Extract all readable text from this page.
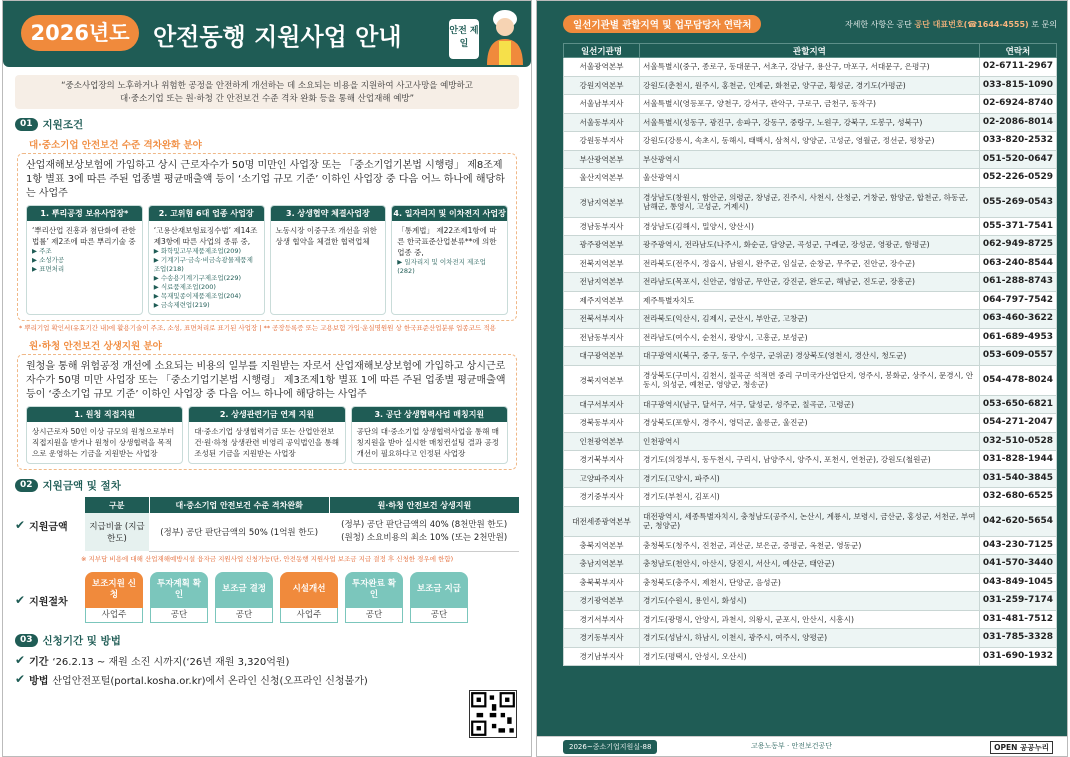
2026년도 안전동행 지원사업 안내	안전 제일
“중소사업장의 노후하거나 위험한 공정을 안전하게 개선하는 데 소요되는 비용을 지원하여 사고사망을 예방하고
대·중소기업 또는 원·하청 간 안전보건 수준 격차 완화 등을 통해 산업재해 예방”
01 지원조건
대·중소기업 안전보건 수준 격차완화 분야
산업재해보상보험에 가입하고 상시 근로자수가 50명 미만인 사업장 또는 「중소기업기본법 시행령」 제8조제1항 별표 3에 따른 주된 업종별 평균매출액 등이 ‘소기업 규모 기준’ 이하인 사업장 중 다음 어느 하나에 해당하는 사업주
1. 뿌리공정 보유사업장*
‘뿌리산업 진흥과 첨단화에 관한 법률’ 제2조에 따른 뿌리기술 중
▶ 주조
▶ 소성가공
▶ 표면처리
2. 고위험 6대 업종 사업장
‘고용산재보험료징수법’ 제14조제3항에 따른 사업의 종류 중,
▶ 화학및고무제품제조업(209)
▶ 기계기구·금속·비금속광물제품제조업(218)
▶ 수송용기계기구제조업(229)
▶ 식료품제조업(200)
▶ 목재및종이제품제조업(204)
▶ 금속제련업(219)
3. 상생협약 체결사업장
노동시장 이중구조 개선을 위한 상생 협약을 체결한 협력업체
4. 일자리지 및 이차전지 사업장
「통계법」 제22조제1항에 따른 한국표준산업분류**에 의한 업종 중,
▶ 일자리지 및 이차전지 제조업(282)
* 뿌리기업 확인서(유효기간 내)에 활용기술이 주조, 소성, 표면처리로 표기된 사업장 | ** 공장등록증 또는 고용보험 가입·운실명원원 상 한국표준산업분류 업종코드 적용
원·하청 안전보건 상생지원 분야
원청을 통해 위험공정 개선에 소요되는 비용의 일부를 지원받는 자로서 산업재해보상보험에 가입하고 상시근로자수가 50명 미만 사업장 또는 「중소기업기본법 시행령」 제3조제1항 별표 1에 따른 주된 업종별 평균매출액등이 ‘중소기업 규모 기준’ 이하인 사업장 중 다음 어느 하나에 해당하는 사업주
1. 원청 직접지원
상시근로자 50인 이상 규모의 원청으로부터 직접지원을 받거나 원청이 상생협력을 목적으로 운영하는 기금을 지원받는 사업장
2. 상생관련기금 연계 지원
대·중소기업 상생협력기금 또는 산업안전보건·원·하청 상생관련 비영리 공익법인을 통해 조성된 기금을 지원받는 사업장
3. 공단 상생협력사업 매칭지원
공단의 대·중소기업 상생협력사업을 통해 매칭지원을 받아 실시한 매칭컨설팅 결과 공정개선이 필요하다고 인정된 사업장
02 지원금액 및 절차
✔ 지원금액
구분	대·중소기업 안전보건 수준 격차완화	원·하청 안전보건 상생지원
지급비율 (지급한도)	(정부) 공단 판단금액의 50% (1억원 한도)	(정부) 공단 판단금액의 40% (8천만원 한도)
(원청) 소요비용의 최소 10% (또는 2천만원)
※ 지부담 비용에 대해 산업재해예방시설 융자금 지원사업 신청가능(단, 안전동행 지원사업 보조금 지급 결정 후 신청한 경우에 한함)
✔ 지원절차
보조지원 신청
사업주
투자계획 확인
공단
보조금 결정
공단
시설개선
사업주
투자완료 확인
공단
보조금 지급
공단
03 신청기간 및 방법
✔ 기간 ‘26.2.13 ~ 재원 소진 시까지(‘26년 재원 3,320억원)
✔ 방법 산업안전포털(portal.kosha.or.kr)에서 온라인 신청(오프라인 신청불가)
일선기관별 관할지역 및 업무담당자 연락처	자세한 사항은 공단 공단 대표번호(☎1644-4555) 로 문의
일선기관명	관할지역	연락처
서울광역본부	서울특별시(중구, 종로구, 동대문구, 서초구, 강남구, 용산구, 마포구, 서대문구, 은평구)	02-6711-2967
강원지역본부	강원도(춘천시, 원주시, 홍천군, 인제군, 화천군, 양구군, 횡성군, 경기도(가평군)	033-815-1090
서울남부지사	서울특별시(영등포구, 양천구, 강서구, 관악구, 구로구, 금천구, 동작구)	02-6924-8740
서울동부지사	서울특별시(성동구, 광진구, 송파구, 강동구, 중랑구, 노원구, 강북구, 도봉구, 성북구)	02-2086-8014
강원동부지사	강원도(강릉시, 속초시, 동해시, 태백시, 삼척시, 양양군, 고성군, 영월군, 정선군, 평창군)	033-820-2532
부산광역본부	부산광역시	051-520-0647
울산지역본부	울산광역시	052-226-0529
경남지역본부	경상남도(창원시, 함안군, 의령군, 창녕군, 진주시, 사천시, 산청군, 거창군, 함양군, 합천군, 하동군, 남해군, 통영시, 고성군, 거제시)	055-269-0543
경남동부지사	경상남도(김해시, 밀양시, 양산시)	055-371-7541
광주광역본부	광주광역시, 전라남도(나주시, 화순군, 담양군, 곡성군, 구례군, 장성군, 영광군, 함평군)	062-949-8725
전북지역본부	전라북도(전주시, 정읍시, 남원시, 완주군, 임실군, 순창군, 무주군, 진안군, 장수군)	063-240-8544
전남지역본부	전라남도(목포시, 신안군, 영암군, 무안군, 강진군, 완도군, 해남군, 진도군, 장흥군)	061-288-8743
제주지역본부	제주특별자치도	064-797-7542
전북서부지사	전라북도(익산시, 김제시, 군산시, 부안군, 고창군)	063-460-3622
전남동부지사	전라남도(여수시, 순천시, 광양시, 고흥군, 보성군)	061-689-4953
대구광역본부	대구광역시(북구, 중구, 동구, 수성구, 군위군) 경상북도(영천시, 경산시, 청도군)	053-609-0557
경북지역본부	경상북도(구미시, 김천시, 칠곡군 석적면 중리 구미국가산업단지, 영주시, 봉화군, 상주시, 문경시, 안동시, 의성군, 예천군, 영양군, 청송군)	054-478-8024
대구서부지사	대구광역시(남구, 달서구, 서구, 달성군, 성주군, 칠곡군, 고령군)	053-650-6821
경북동부지사	경상북도(포항시, 경주시, 영덕군, 울릉군, 울진군)	054-271-2047
인천광역본부	인천광역시	032-510-0528
경기북부지사	경기도(의정부시, 동두천시, 구리시, 남양주시, 양주시, 포천시, 연천군), 강원도(철원군)	031-828-1944
고양파주지사	경기도(고양시, 파주시)	031-540-3845
경기중부지사	경기도(부천시, 김포시)	032-680-6525
대전세종광역본부	대전광역시, 세종특별자치시, 충청남도(공주시, 논산시, 계룡시, 보령시, 금산군, 홍성군, 서천군, 부여군, 청양군)	042-620-5654
충북지역본부	충청북도(청주시, 진천군, 괴산군, 보은군, 증평군, 옥천군, 영동군)	043-230-7125
충남지역본부	충청남도(천안시, 아산시, 당진시, 서산시, 예산군, 태안군)	041-570-3440
충북북부지사	충청북도(충주시, 제천시, 단양군, 음성군)	043-849-1045
경기광역본부	경기도(수원시, 용인시, 화성시)	031-259-7174
경기서부지사	경기도(광명시, 안양시, 과천시, 의왕시, 군포시, 안산시, 시흥시)	031-481-7512
경기동부지사	경기도(성남시, 하남시, 이천시, 광주시, 여주시, 양평군)	031-785-3328
경기남부지사	경기도(평택시, 안성시, 오산시)	031-690-1932
2026~중소기업지원실-88	고용노동부 · 안전보건공단	OPEN 공공누리
